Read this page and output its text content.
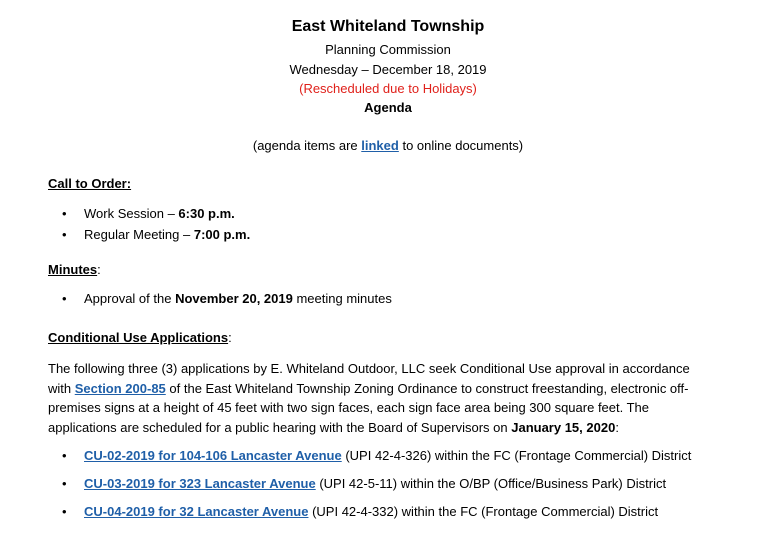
East Whiteland Township
Planning Commission
Wednesday – December 18, 2019
(Rescheduled due to Holidays)
Agenda
(agenda items are linked to online documents)
Call to Order:
• Work Session – 6:30 p.m.
• Regular Meeting – 7:00 p.m.
Minutes:
• Approval of the November 20, 2019 meeting minutes
Conditional Use Applications:
The following three (3) applications by E. Whiteland Outdoor, LLC seek Conditional Use approval in accordance
with Section 200-85 of the East Whiteland Township Zoning Ordinance to construct freestanding, electronic off-
premises signs at a height of 45 feet with two sign faces, each sign face area being 300 square feet. The
applications are scheduled for a public hearing with the Board of Supervisors on January 15, 2020:
• CU-02-2019 for 104-106 Lancaster Avenue (UPI 42-4-326) within the FC (Frontage Commercial) District
• CU-03-2019 for 323 Lancaster Avenue (UPI 42-5-11) within the O/BP (Office/Business Park) District
• CU-04-2019 for 32 Lancaster Avenue (UPI 42-4-332) within the FC (Frontage Commercial) District
